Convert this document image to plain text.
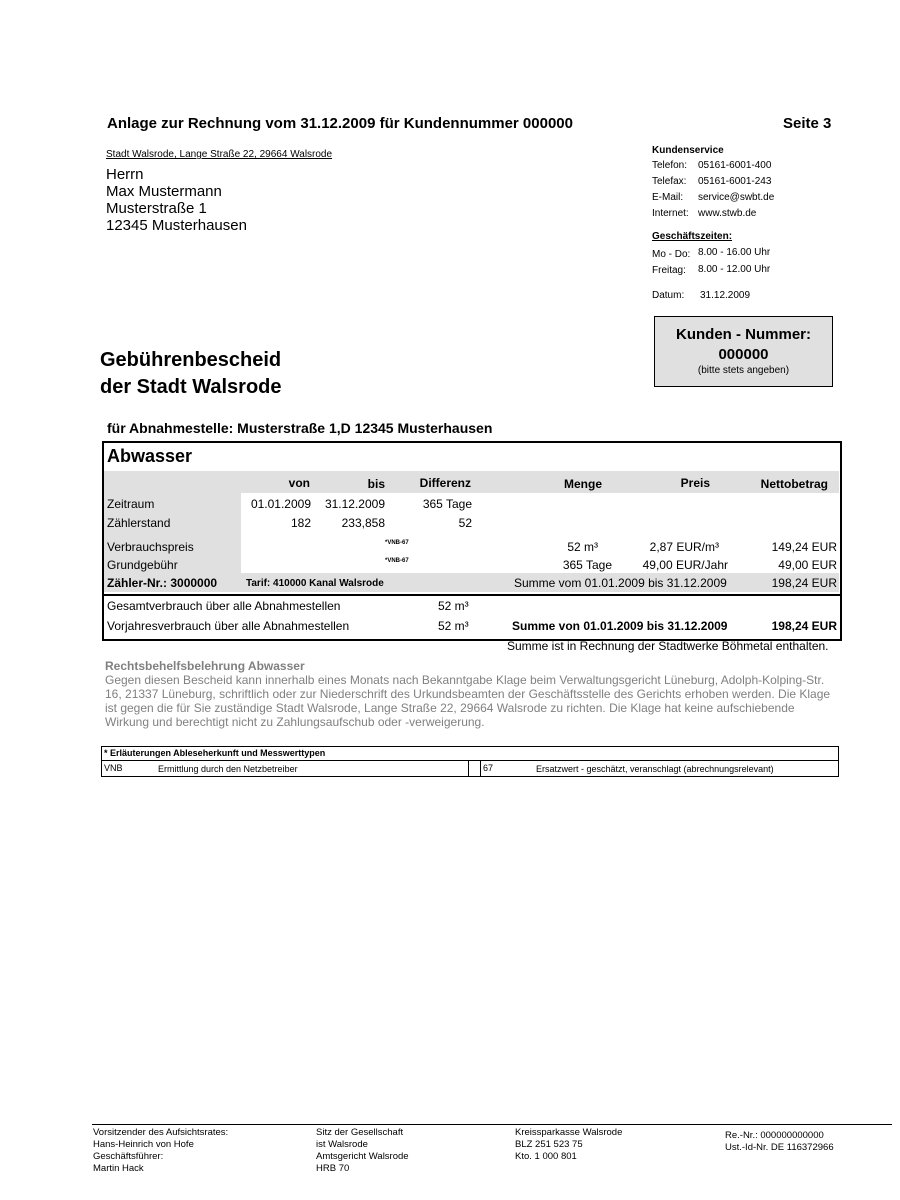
Anlage zur Rechnung vom 31.12.2009 für Kundennummer 000000	Seite 3
Stadt Walsrode, Lange Straße 22, 29664 Walsrode
Herrn
Max Mustermann
Musterstraße 1
12345 Musterhausen
Kundenservice
Telefon: 05161-6001-400
Telefax: 05161-6001-243
E-Mail: service@swbt.de
Internet: www.stwb.de
Geschäftszeiten:
Mo - Do: 8.00 - 16.00 Uhr
Freitag: 8.00 - 12.00 Uhr
Datum: 31.12.2009
Kunden - Nummer:
000000
(bitte stets angeben)
Gebührenbescheid
der Stadt Walsrode
für Abnahmestelle: Musterstraße 1,D 12345 Musterhausen
Abwasser
von	bis	Differenz	Menge	Preis	Nettobetrag
Zeitraum	01.01.2009	31.12.2009	365 Tage
Zählerstand	182	233,858	52
Verbrauchspreis	*VNB-67	52 m³	2,87 EUR/m³	149,24 EUR
Grundgebühr	*VNB-67	365 Tage	49,00 EUR/Jahr	49,00 EUR
Zähler-Nr.: 3000000	Tarif: 410000 Kanal Walsrode	Summe vom 01.01.2009 bis 31.12.2009	198,24 EUR
Gesamtverbrauch über alle Abnahmestellen	52 m³
Vorjahresverbrauch über alle Abnahmestellen	52 m³	Summe von 01.01.2009 bis 31.12.2009	198,24 EUR
Summe ist in Rechnung der Stadtwerke Böhmetal enthalten.
Rechtsbehelfsbelehrung Abwasser
Gegen diesen Bescheid kann innerhalb eines Monats nach Bekanntgabe Klage beim Verwaltungsgericht Lüneburg, Adolph-Kolping-Str. 16, 21337 Lüneburg, schriftlich oder zur Niederschrift des Urkundsbeamten der Geschäftsstelle des Gerichts erhoben werden. Die Klage ist gegen die für Sie zuständige Stadt Walsrode, Lange Straße 22, 29664 Walsrode zu richten. Die Klage hat keine aufschiebende Wirkung und berechtigt nicht zu Zahlungsaufschub oder -verweigerung.
* Erläuterungen Ableseherkunft und Messwerttypen
VNB	Ermittlung durch den Netzbetreiber	67	Ersatzwert - geschätzt, veranschlagt (abrechnungsrelevant)
Vorsitzender des Aufsichtsrates:
Hans-Heinrich von Hofe
Geschäftsführer:
Martin Hack
Sitz der Gesellschaft
ist Walsrode
Amtsgericht Walsrode
HRB 70
Kreissparkasse Walsrode
BLZ 251 523 75
Kto. 1 000 801
Re.-Nr.: 000000000000
Ust.-Id-Nr. DE 116372966
